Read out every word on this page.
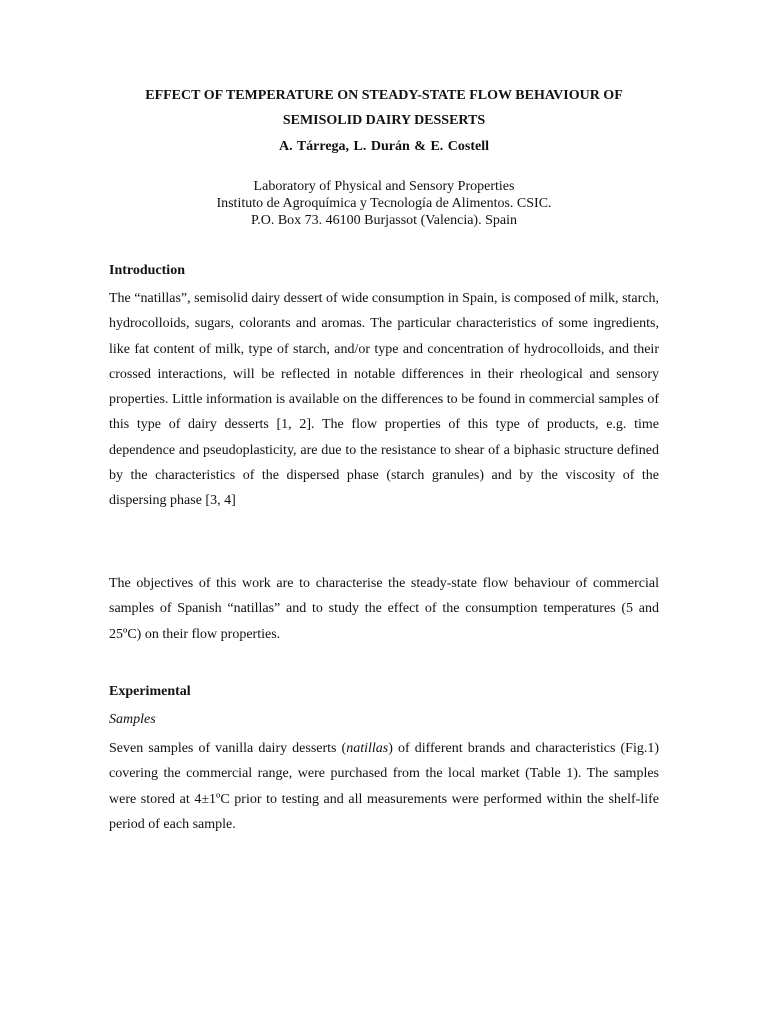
EFFECT OF TEMPERATURE ON STEADY-STATE FLOW BEHAVIOUR OF
SEMISOLID DAIRY DESSERTS
A. Tárrega, L. Durán & E. Costell
Laboratory of Physical and Sensory Properties
Instituto de Agroquímica y Tecnología de Alimentos. CSIC.
P.O. Box 73. 46100 Burjassot (Valencia). Spain
Introduction

The “natillas”, semisolid dairy dessert of wide consumption in Spain, is composed of milk, starch, hydrocolloids, sugars, colorants and aromas. The particular characteristics of some ingredients, like fat content of milk, type of starch, and/or type and concentration of hydrocolloids, and their crossed interactions, will be reflected in notable differences in their rheological and sensory properties. Little information is available on the differences to be found in commercial samples of this type of dairy desserts [1, 2]. The flow properties of this type of products, e.g. time dependence and pseudoplasticity, are due to the resistance to shear of a biphasic structure defined by the characteristics of the dispersed phase (starch granules) and by the viscosity of the dispersing phase [3, 4]

The objectives of this work are to characterise the steady-state flow behaviour of commercial samples of Spanish “natillas” and to study the effect of the consumption temperatures (5 and 25ºC) on their flow properties.

Experimental
Samples

Seven samples of vanilla dairy desserts (natillas) of different brands and characteristics (Fig.1) covering the commercial range, were purchased from the local market (Table 1). The samples were stored at 4±1ºC prior to testing and all measurements were performed within the shelf-life period of each sample.
